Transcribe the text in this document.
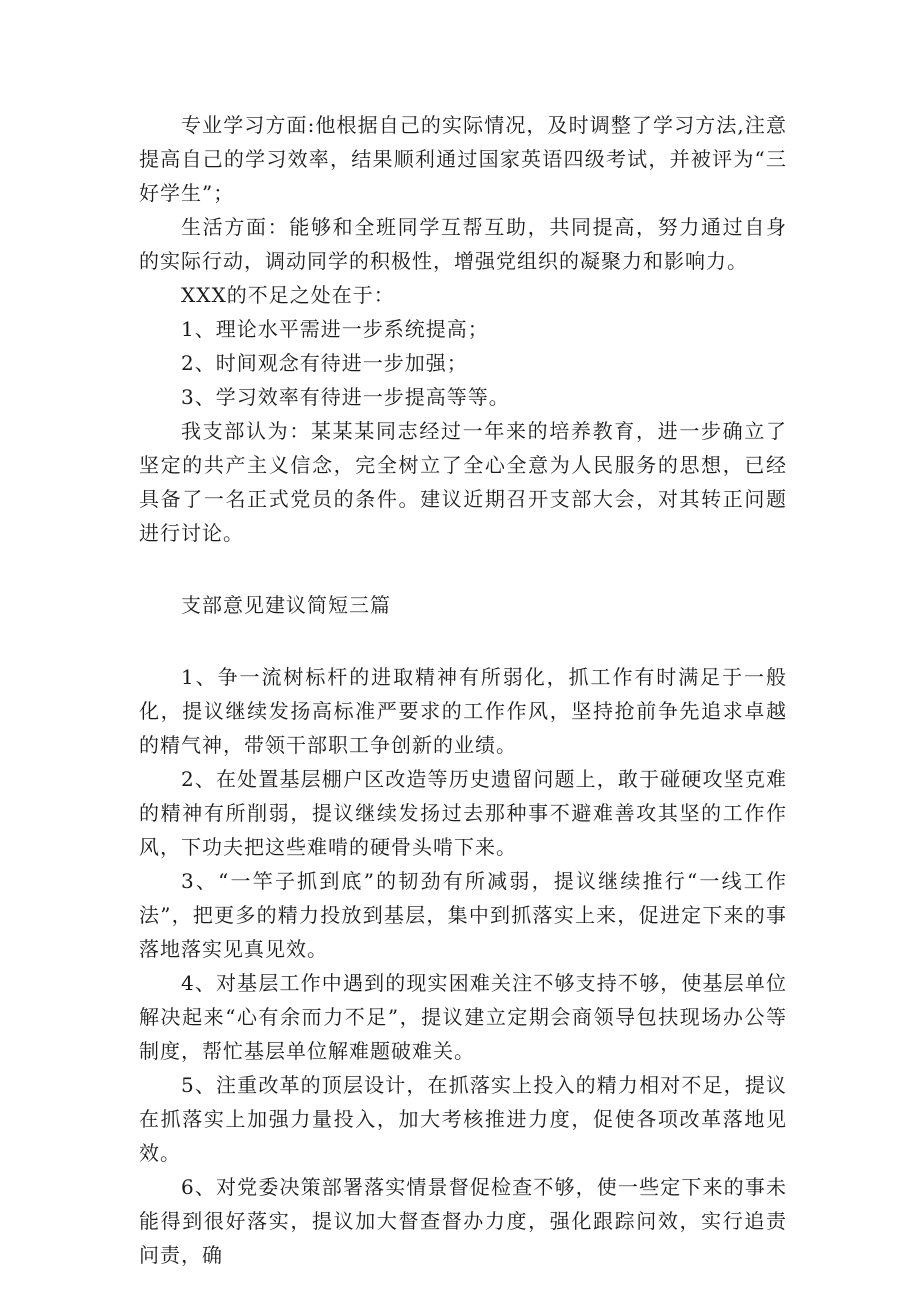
专业学习方面:他根据自己的实际情况，及时调整了学习方法,注意提高自己的学习效率，结果顺利通过国家英语四级考试，并被评为“三好学生”；

生活方面：能够和全班同学互帮互助，共同提高，努力通过自身的实际行动，调动同学的积极性，增强党组织的凝聚力和影响力。

XXX的不足之处在于：

1、理论水平需进一步系统提高；

2、时间观念有待进一步加强；

3、学习效率有待进一步提高等等。

我支部认为：某某某同志经过一年来的培养教育，进一步确立了坚定的共产主义信念，完全树立了全心全意为人民服务的思想，已经具备了一名正式党员的条件。建议近期召开支部大会，对其转正问题进行讨论。

支部意见建议简短三篇

1、争一流树标杆的进取精神有所弱化，抓工作有时满足于一般化，提议继续发扬高标准严要求的工作作风，坚持抢前争先追求卓越的精气神，带领干部职工争创新的业绩。

2、在处置基层棚户区改造等历史遗留问题上，敢于碰硬攻坚克难的精神有所削弱，提议继续发扬过去那种事不避难善攻其坚的工作作风，下功夫把这些难啃的硬骨头啃下来。

3、“一竿子抓到底”的韧劲有所减弱，提议继续推行“一线工作法”，把更多的精力投放到基层，集中到抓落实上来，促进定下来的事落地落实见真见效。

4、对基层工作中遇到的现实困难关注不够支持不够，使基层单位解决起来“心有余而力不足”，提议建立定期会商领导包扶现场办公等制度，帮忙基层单位解难题破难关。

5、注重改革的顶层设计，在抓落实上投入的精力相对不足，提议在抓落实上加强力量投入，加大考核推进力度，促使各项改革落地见效。

6、对党委决策部署落实情景督促检查不够，使一些定下来的事未能得到很好落实，提议加大督查督办力度，强化跟踪问效，实行追责问责，确
